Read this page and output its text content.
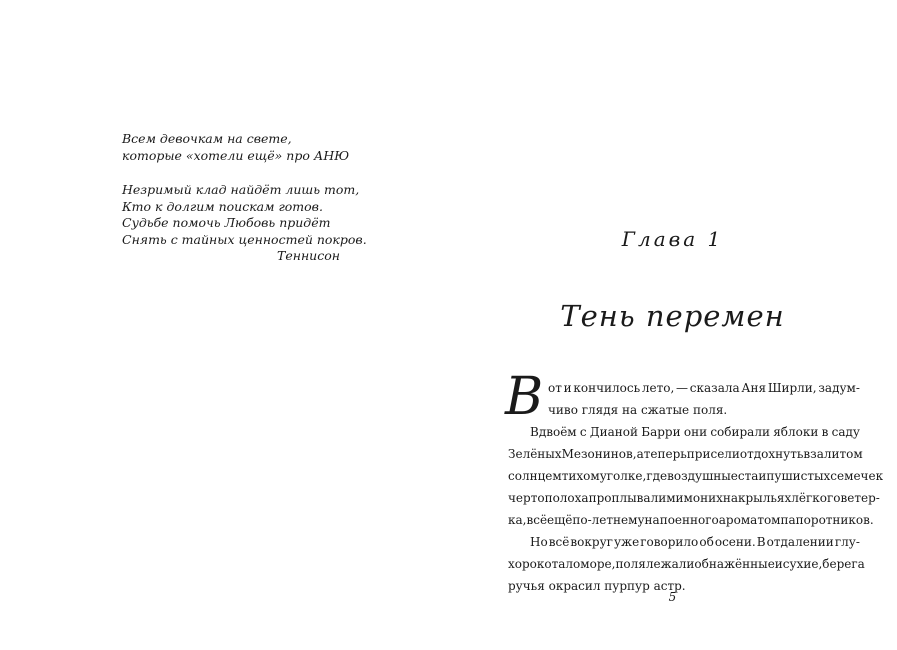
Всем девочкам на свете,
которые «хотели ещё» про АНЮ
Незримый клад найдёт лишь тот,
Кто к долгим поискам готов.
Судьбе помочь Любовь придёт
Снять с тайных ценностей покров.
Теннисон
Глава 1
Тень перемен
В от и кончилось лето, — сказала Аня Ширли, задум-
чиво глядя на сжатые поля.
Вдвоём с Дианой Барри они собирали яблоки в саду
Зелёных Мезонинов, а теперь присели отдохнуть в залитом
солнцем тихом уголке, где воздушные стаи пушистых семечек
чертополоха проплывали мимо них на крыльях лёгкого ветер-
ка, всё ещё по-летнему напоенного ароматом папоротников.
Но всё вокруг уже говорило об осени. В отдалении глу-
хо рокотало море, поля лежали обнажённые и сухие, берега
ручья окрасил пурпур астр.
5
